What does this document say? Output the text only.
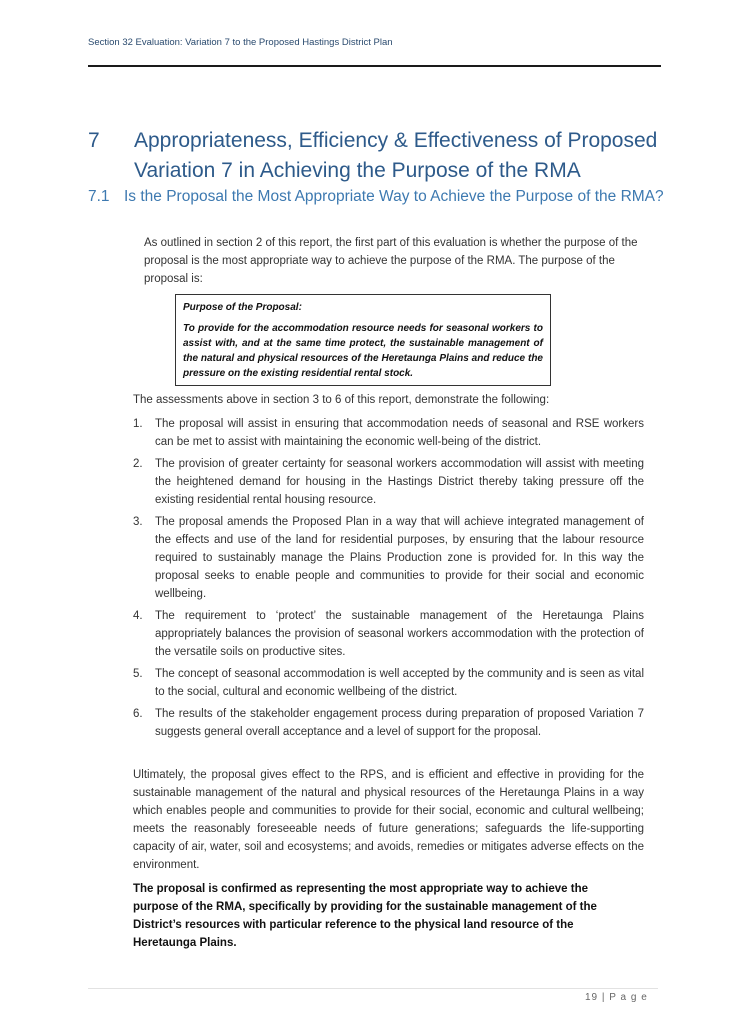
Section 32 Evaluation: Variation 7 to the Proposed Hastings District Plan
7 Appropriateness, Efficiency & Effectiveness of Proposed Variation 7 in Achieving the Purpose of the RMA
7.1 Is the Proposal the Most Appropriate Way to Achieve the Purpose of the RMA?
As outlined in section 2 of this report, the first part of this evaluation is whether the purpose of the proposal is the most appropriate way to achieve the purpose of the RMA. The purpose of the proposal is:
Purpose of the Proposal:
To provide for the accommodation resource needs for seasonal workers to assist with, and at the same time protect, the sustainable management of the natural and physical resources of the Heretaunga Plains and reduce the pressure on the existing residential rental stock.
The assessments above in section 3 to 6 of this report, demonstrate the following:
1. The proposal will assist in ensuring that accommodation needs of seasonal and RSE workers can be met to assist with maintaining the economic well-being of the district.
2. The provision of greater certainty for seasonal workers accommodation will assist with meeting the heightened demand for housing in the Hastings District thereby taking pressure off the existing residential rental housing resource.
3. The proposal amends the Proposed Plan in a way that will achieve integrated management of the effects and use of the land for residential purposes, by ensuring that the labour resource required to sustainably manage the Plains Production zone is provided for. In this way the proposal seeks to enable people and communities to provide for their social and economic wellbeing.
4. The requirement to ‘protect’ the sustainable management of the Heretaunga Plains appropriately balances the provision of seasonal workers accommodation with the protection of the versatile soils on productive sites.
5. The concept of seasonal accommodation is well accepted by the community and is seen as vital to the social, cultural and economic wellbeing of the district.
6. The results of the stakeholder engagement process during preparation of proposed Variation 7 suggests general overall acceptance and a level of support for the proposal.
Ultimately, the proposal gives effect to the RPS, and is efficient and effective in providing for the sustainable management of the natural and physical resources of the Heretaunga Plains in a way which enables people and communities to provide for their social, economic and cultural wellbeing; meets the reasonably foreseeable needs of future generations; safeguards the life-supporting capacity of air, water, soil and ecosystems; and avoids, remedies or mitigates adverse effects on the environment.
The proposal is confirmed as representing the most appropriate way to achieve the purpose of the RMA, specifically by providing for the sustainable management of the District’s resources with particular reference to the physical land resource of the Heretaunga Plains.
19 | P a g e
